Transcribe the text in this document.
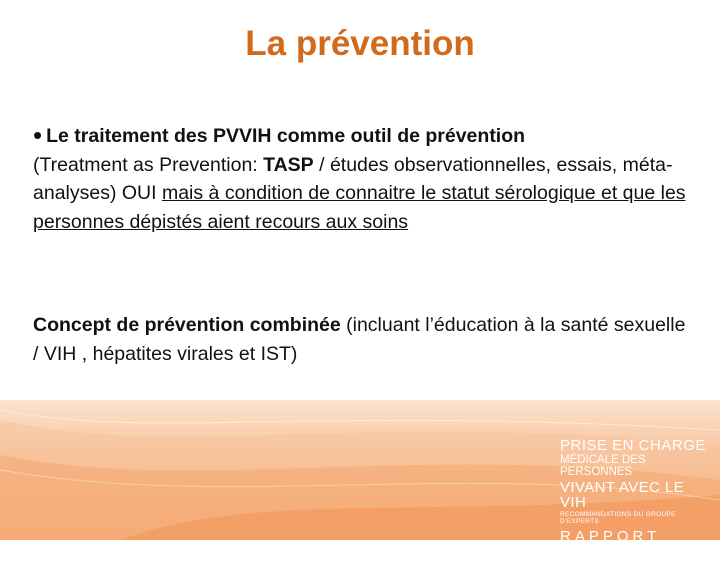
La prévention
• Le traitement des PVVIH comme outil de prévention
(Treatment as Prevention: TASP / études observationnelles, essais, méta-analyses) OUI mais à condition de connaitre le statut sérologique et que les personnes dépistés aient recours aux soins
Concept de prévention combinée (incluant l’éducation à la santé sexuelle / VIH , hépatites virales et IST)
PRISE EN CHARGE
MÉDICALE DES PERSONNES
VIVANT AVEC LE VIH
RECOMMANDATIONS DU GROUPE D’EXPERTS
RAPPORT 2013
Sous la direction du Pr Philippe Morlat
et sous l’égide du CNS et de l’ANRS
